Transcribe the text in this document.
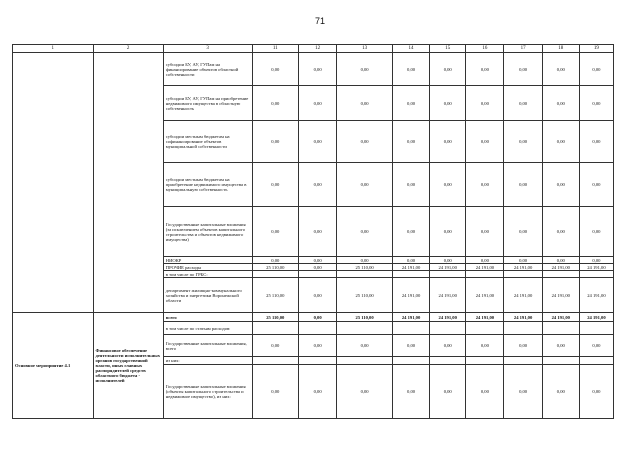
71
1	2	3	11	12	13	14	15	16	17	18	19
		субсидии БУ, АУ, ГУПам на финансирование объектов областной собственности	0,00	0,00	0,00	0,00	0,00	0,00	0,00	0,00	0,00
		субсидии БУ, АУ, ГУПам на приобретение недвижимого имущества в областную собственность	0,00	0,00	0,00	0,00	0,00	0,00	0,00	0,00	0,00
		субсидии местным бюджетам на софинансирование объектов муниципальной собственности	0,00	0,00	0,00	0,00	0,00	0,00	0,00	0,00	0,00
		субсидии местным бюджетам на приобретение недвижимого имущества в муниципальную собственность	0,00	0,00	0,00	0,00	0,00	0,00	0,00	0,00	0,00
		Государственные капитальные вложения (за исключением объектов капитального строительства и объектов недвижимого имущества)	0,00	0,00	0,00	0,00	0,00	0,00	0,00	0,00	0,00
		НИОКР	0,00	0,00	0,00	0,00	0,00	0,00	0,00	0,00	0,00
		ПРОЧИЕ расходы	25 110,00	0,00	25 110,00	24 191,00	24 191,00	24 191,00	24 191,00	24 191,00	24 191,00
		в том числе по ГРБС:									
		департамент жилищно-коммунального хозяйства и энергетики Воронежской области	25 110,00	0,00	25 110,00	24 191,00	24 191,00	24 191,00	24 191,00	24 191,00	24 191,00
Основное мероприятие 4.1	Финансовое обеспечение деятельности исполнительных органов государственной власти, иных главных распорядителей средств областного бюджета - исполнителей	всего	25 110,00	0,00	25 110,00	24 191,00	24 191,00	24 191,00	24 191,00	24 191,00	24 191,00
		в том числе по статьям расходов:									
		Государственные капитальные вложения, всего	0,00	0,00	0,00	0,00	0,00	0,00	0,00	0,00	0,00
		из них:									
		Государственные капитальные вложения (объекты капитального строительства и недвижимое имущество), из них:	0,00	0,00	0,00	0,00	0,00	0,00	0,00	0,00	0,00
